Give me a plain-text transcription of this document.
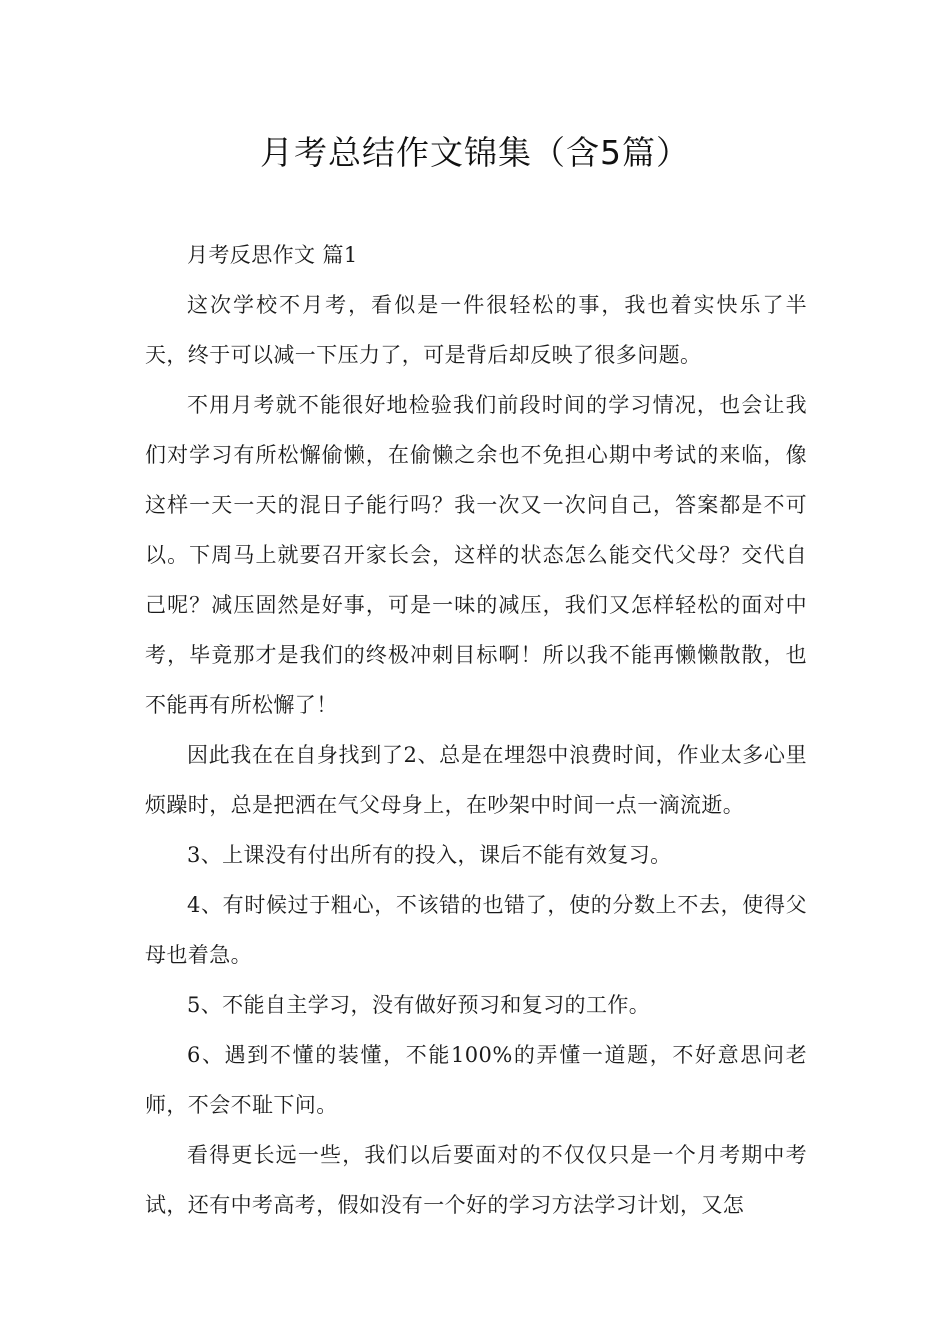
月考总结作文锦集（含5篇）

月考反思作文 篇1

这次学校不月考，看似是一件很轻松的事，我也着实快乐了半天，终于可以减一下压力了，可是背后却反映了很多问题。

不用月考就不能很好地检验我们前段时间的学习情况，也会让我们对学习有所松懈偷懒，在偷懒之余也不免担心期中考试的来临，像这样一天一天的混日子能行吗？我一次又一次问自己，答案都是不可以。下周马上就要召开家长会，这样的状态怎么能交代父母？交代自己呢？减压固然是好事，可是一味的减压，我们又怎样轻松的面对中考，毕竟那才是我们的终极冲刺目标啊！所以我不能再懒懒散散，也不能再有所松懈了！

因此我在在自身找到了2、总是在埋怨中浪费时间，作业太多心里烦躁时，总是把洒在气父母身上，在吵架中时间一点一滴流逝。

3、上课没有付出所有的投入，课后不能有效复习。

4、有时候过于粗心，不该错的也错了，使的分数上不去，使得父母也着急。

5、不能自主学习，没有做好预习和复习的工作。

6、遇到不懂的装懂，不能100%的弄懂一道题，不好意思问老师，不会不耻下问。

看得更长远一些，我们以后要面对的不仅仅只是一个月考期中考试，还有中考高考，假如没有一个好的学习方法学习计划，又怎
